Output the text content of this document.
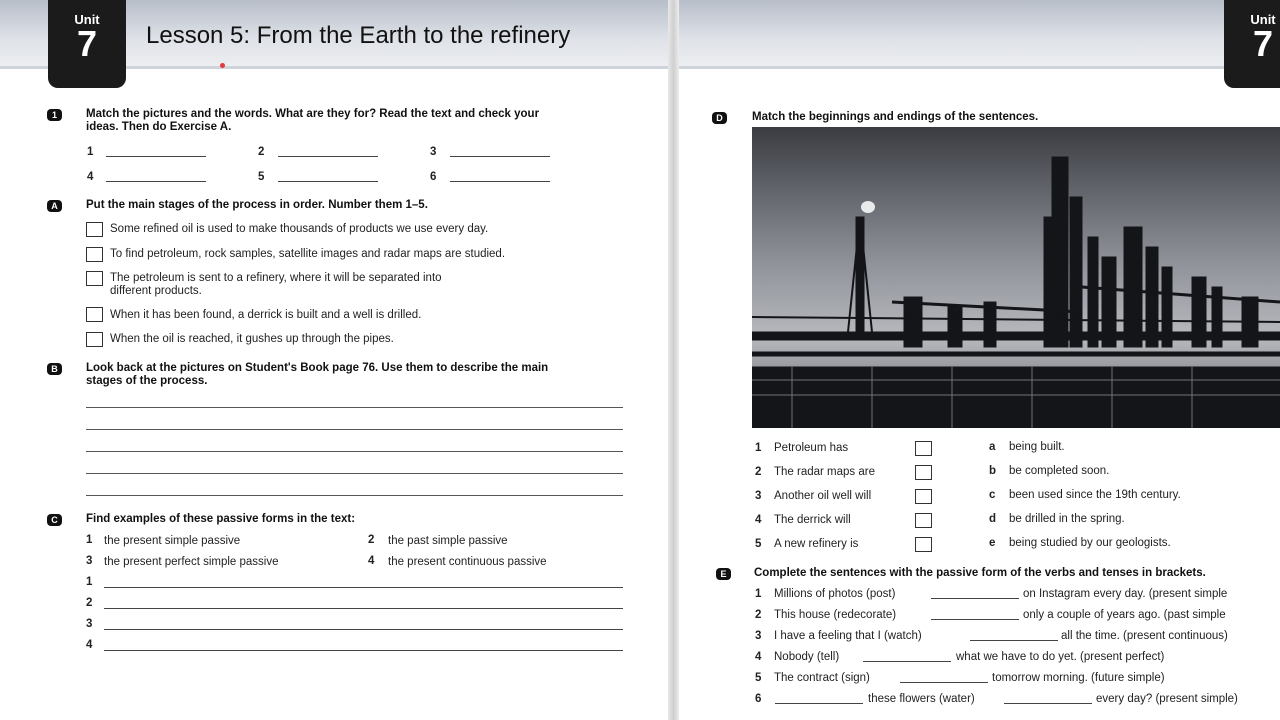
Unit
7	Lesson 5: From the Earth to the refinery
1	Match the pictures and the words. What are they for? Read the text and check your
ideas. Then do Exercise A.
1	2	3
4	5	6
A	Put the main stages of the process in order. Number them 1–5.
Some refined oil is used to make thousands of products we use every day.
To find petroleum, rock samples, satellite images and radar maps are studied.
The petroleum is sent to a refinery, where it will be separated into
different products.
When it has been found, a derrick is built and a well is drilled.
When the oil is reached, it gushes up through the pipes.
B	Look back at the pictures on Student's Book page 76. Use them to describe the main
stages of the process.
C	Find examples of these passive forms in the text:
1 the present simple passive	2 the past simple passive
3 the present perfect simple passive	4 the present continuous passive
1
2
3
4
Unit
7
D	Match the beginnings and endings of the sentences.
1 Petroleum has	a being built.
2 The radar maps are	b be completed soon.
3 Another oil well will	c been used since the 19th century.
4 The derrick will	d be drilled in the spring.
5 A new refinery is	e being studied by our geologists.
E	Complete the sentences with the passive form of the verbs and tenses in brackets.
1 Millions of photos (post)	on Instagram every day. (present simple
2 This house (redecorate)	only a couple of years ago. (past simple
3 I have a feeling that I (watch)	all the time. (present continuous)
4 Nobody (tell)	what we have to do yet. (present perfect)
5 The contract (sign)	tomorrow morning. (future simple)
6	these flowers (water)	every day? (present simple)
